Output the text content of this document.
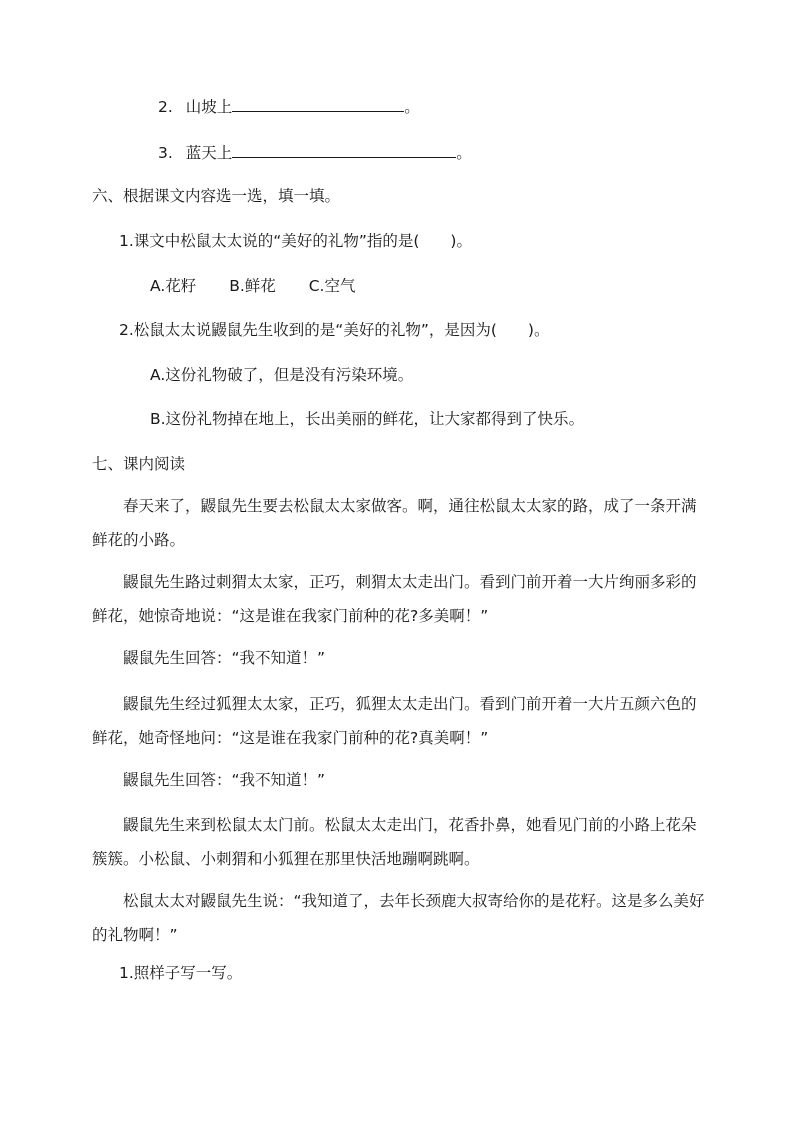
2. 山坡上	。
3. 蓝天上	。
六、根据课文内容选一选，填一填。
1.课文中松鼠太太说的“美好的礼物”指的是(　　)。
A.花籽 B.鲜花 C.空气
2.松鼠太太说鼹鼠先生收到的是“美好的礼物”，是因为(　　)。
A.这份礼物破了，但是没有污染环境。
B.这份礼物掉在地上，长出美丽的鲜花，让大家都得到了快乐。
七、课内阅读
春天来了，鼹鼠先生要去松鼠太太家做客。啊，通往松鼠太太家的路，成了一条开满鲜花的小路。
鼹鼠先生路过刺猬太太家，正巧，刺猬太太走出门。看到门前开着一大片绚丽多彩的鲜花，她惊奇地说：“这是谁在我家门前种的花?多美啊！”
鼹鼠先生回答：“我不知道！”
鼹鼠先生经过狐狸太太家，正巧，狐狸太太走出门。看到门前开着一大片五颜六色的鲜花，她奇怪地问：“这是谁在我家门前种的花?真美啊！”
鼹鼠先生回答：“我不知道！”
鼹鼠先生来到松鼠太太门前。松鼠太太走出门，花香扑鼻，她看见门前的小路上花朵簇簇。小松鼠、小刺猬和小狐狸在那里快活地蹦啊跳啊。
松鼠太太对鼹鼠先生说：“我知道了，去年长颈鹿大叔寄给你的是花籽。这是多么美好的礼物啊！”
1.照样子写一写。
